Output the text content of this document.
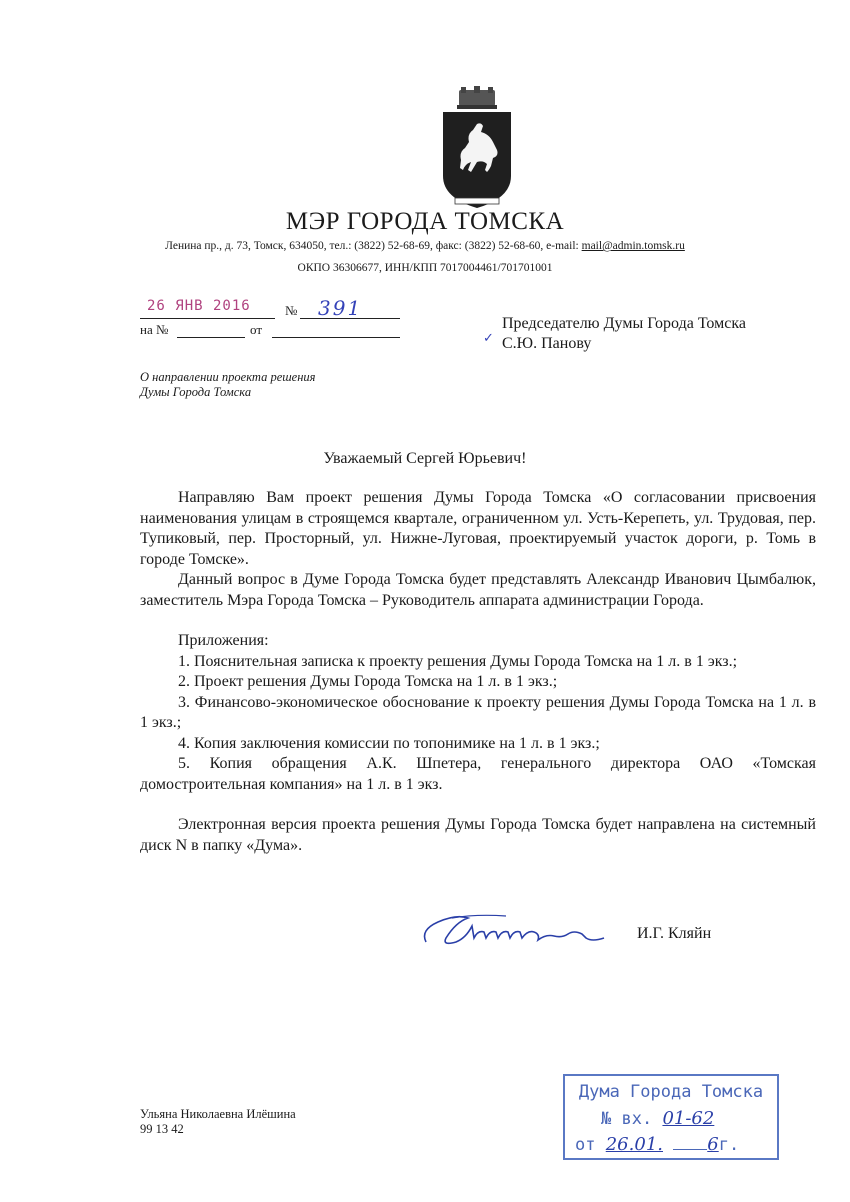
МЭР ГОРОДА ТОМСКА
Ленина пр., д. 73, Томск, 634050, тел.: (3822) 52-68-69, факс: (3822) 52-68-60, e-mail: mail@admin.tomsk.ru
ОКПО 36306677, ИНН/КПП 7017004461/701701001
26 ЯНВ 2016	№ 391
на №	от
✓
Председателю Думы Города Томска
С.Ю. Панову
О направлении проекта решения
Думы Города Томска
Уважаемый Сергей Юрьевич!

Направляю Вам проект решения Думы Города Томска «О согласовании присвоения наименования улицам в строящемся квартале, ограниченном ул. Усть-Керепеть, ул. Трудовая, пер. Тупиковый, пер. Просторный, ул. Нижне-Луговая, проектируемый участок дороги, р. Томь в городе Томске».

Данный вопрос в Думе Города Томска будет представлять Александр Иванович Цымбалюк, заместитель Мэра Города Томска – Руководитель аппарата администрации Города.

Приложения:

1. Пояснительная записка к проекту решения Думы Города Томска на 1 л. в 1 экз.;

2. Проект решения Думы Города Томска на 1 л. в 1 экз.;

3. Финансово-экономическое обоснование к проекту решения Думы Города Томска на 1 л. в 1 экз.;

4. Копия заключения комиссии по топонимике на 1 л. в 1 экз.;

5. Копия обращения А.К. Шпетера, генерального директора ОАО «Томская домостроительная компания» на 1 л. в 1 экз.

Электронная версия проекта решения Думы Города Томска будет направлена на системный диск N в папку «Дума».

И.Г. Кляйн
Ульяна Николаевна Илёшина
99 13 42
Дума Города Томска
№ вх. 01-62
от 26.01. 6г.
